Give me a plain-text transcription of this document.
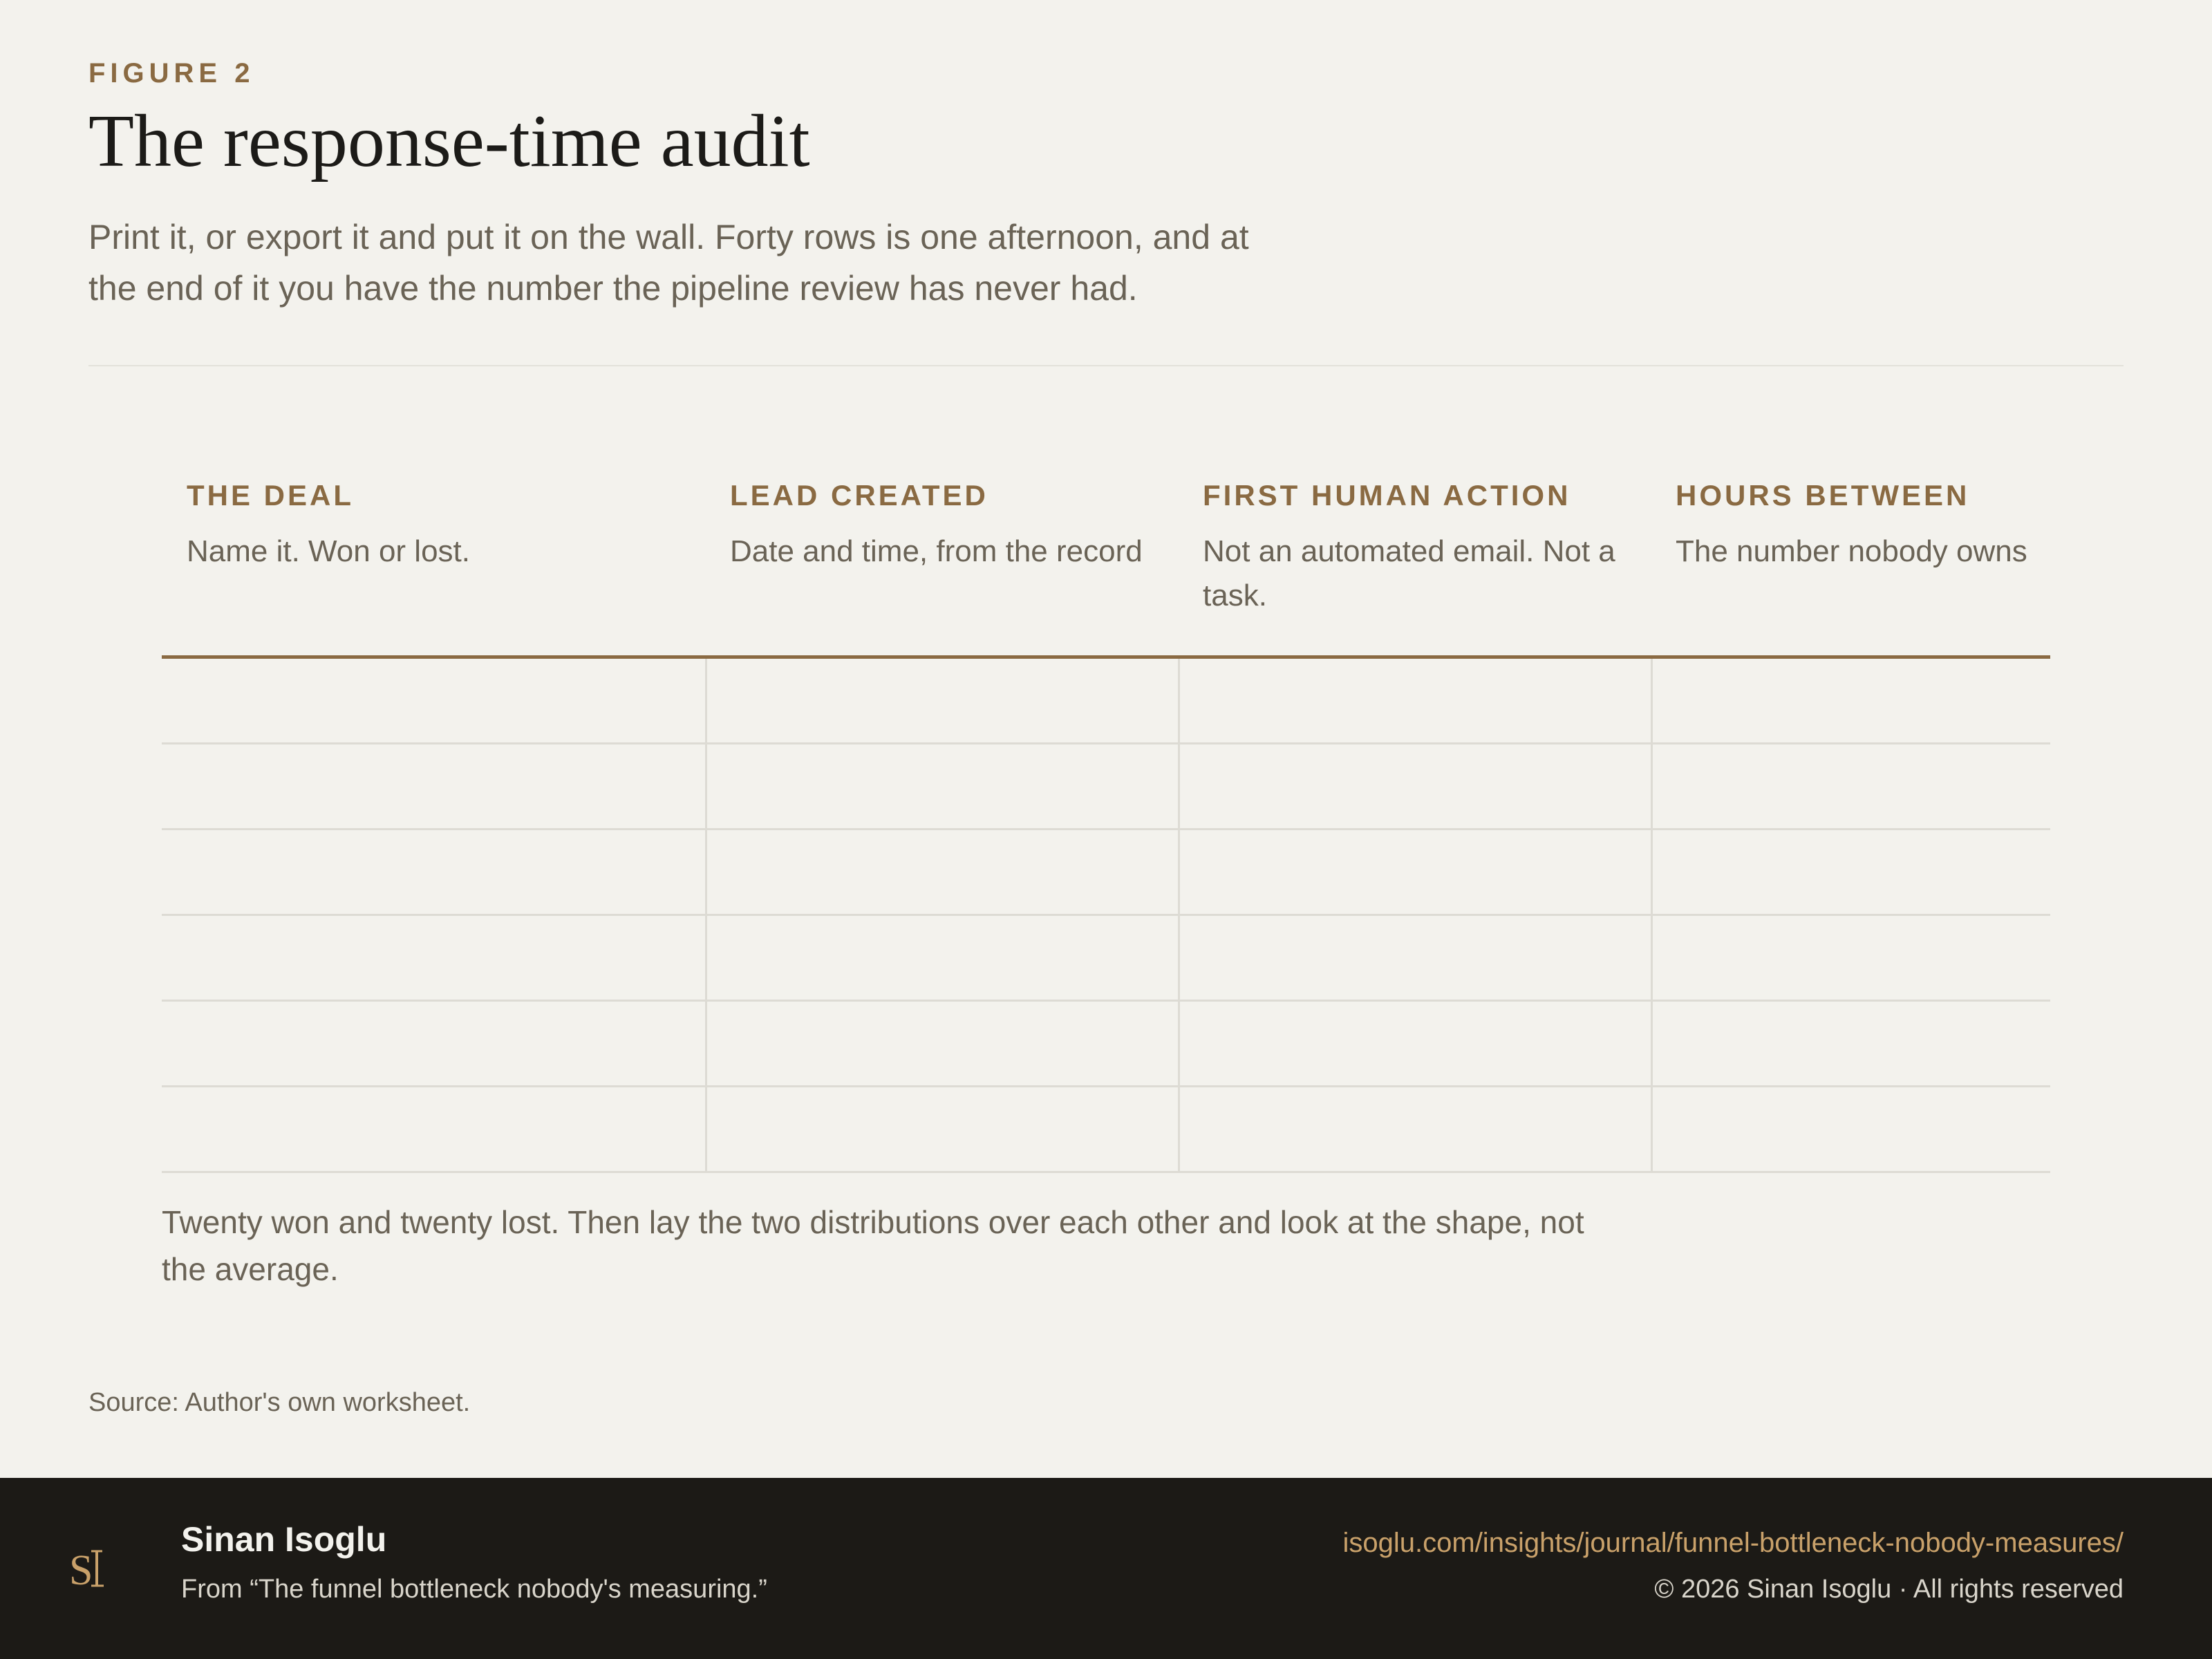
FIGURE 2
The response-time audit
Print it, or export it and put it on the wall. Forty rows is one afternoon, and at the end of it you have the number the pipeline review has never had.
THE DEAL
Name it. Won or lost.
LEAD CREATED
Date and time, from the record
FIRST HUMAN ACTION
Not an automated email. Not a task.
HOURS BETWEEN
The number nobody owns
Twenty won and twenty lost. Then lay the two distributions over each other and look at the shape, not the average.
Source: Author's own worksheet.
S
Sinan Isoglu
From “The funnel bottleneck nobody's measuring.”
isoglu.com/insights/journal/funnel-bottleneck-nobody-measures/
© 2026 Sinan Isoglu · All rights reserved
